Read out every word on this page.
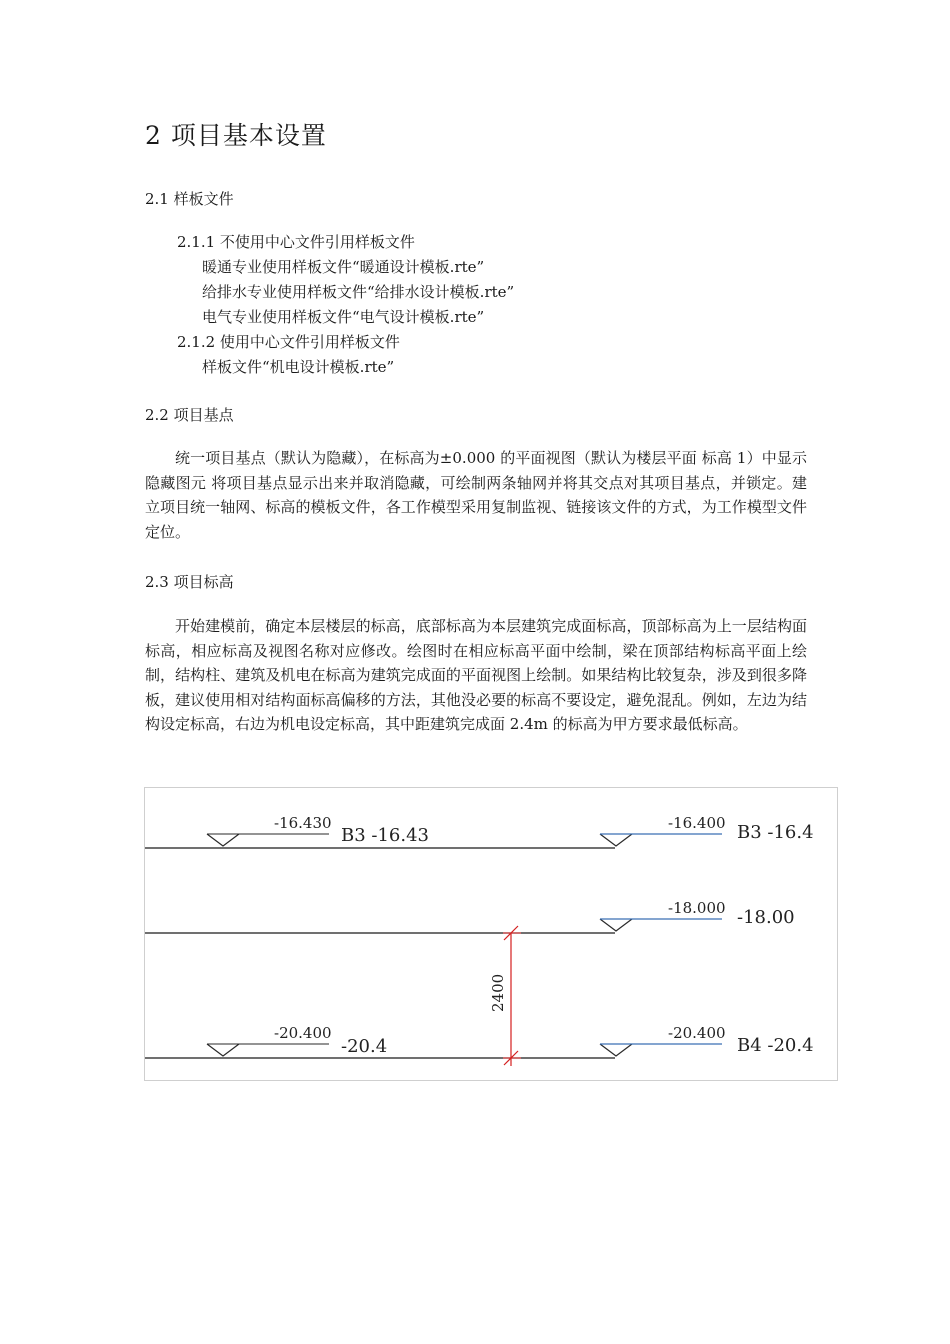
2 项目基本设置
2.1 样板文件
2.1.1 不使用中心文件引用样板文件
暖通专业使用样板文件“暖通设计模板.rte”
给排水专业使用样板文件“给排水设计模板.rte”
电气专业使用样板文件“电气设计模板.rte”
2.1.2 使用中心文件引用样板文件
样板文件“机电设计模板.rte”
2.2 项目基点

统一项目基点（默认为隐藏），在标高为±0.000 的平面视图（默认为楼层平面 标高 1）中显示隐藏图元 将项目基点显示出来并取消隐藏，可绘制两条轴网并将其交点对其项目基点，并锁定。建立项目统一轴网、标高的模板文件，各工作模型采用复制监视、链接该文件的方式，为工作模型文件定位。

2.3 项目标高

开始建模前，确定本层楼层的标高，底部标高为本层建筑完成面标高，顶部标高为上一层结构面标高，相应标高及视图名称对应修改。绘图时在相应标高平面中绘制，梁在顶部结构标高平面上绘制，结构柱、建筑及机电在标高为建筑完成面的平面视图上绘制。如果结构比较复杂，涉及到很多降板，建议使用相对结构面标高偏移的方法，其他没必要的标高不要设定，避免混乱。例如，左边为结构设定标高，右边为机电设定标高，其中距建筑完成面 2.4m 的标高为甲方要求最低标高。

2400
-16.430
B3 -16.43
-20.400
-20.4
-16.400 B3 -16.4
-18.000 -18.00
-20.400
B4 -20.4
